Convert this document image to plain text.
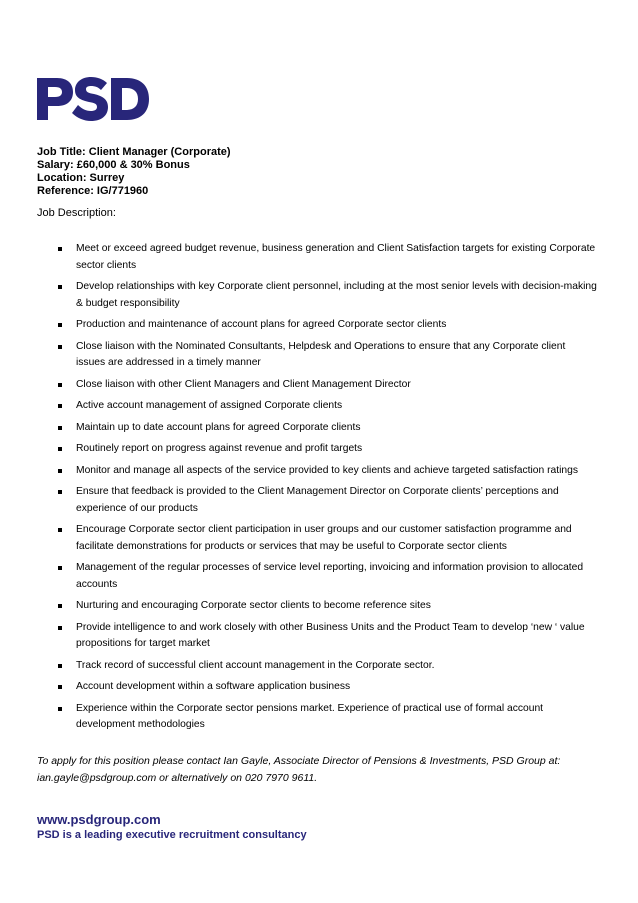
Job Title: Client Manager (Corporate)
Salary: £60,000 & 30% Bonus
Location: Surrey
Reference: IG/771960
Job Description:
Meet or exceed agreed budget revenue, business generation and Client Satisfaction targets for existing Corporate sector clients
Develop relationships with key Corporate client personnel, including at the most senior levels with decision-making & budget responsibility
Production and maintenance of account plans for agreed Corporate sector clients
Close liaison with the Nominated Consultants, Helpdesk and Operations to ensure that any Corporate client issues are addressed in a timely manner
Close liaison with other Client Managers and Client Management Director
Active account management of assigned Corporate clients
Maintain up to date account plans for agreed Corporate clients
Routinely report on progress against revenue and profit targets
Monitor and manage all aspects of the service provided to key clients and achieve targeted satisfaction ratings
Ensure that feedback is provided to the Client Management Director on Corporate clients’ perceptions and experience of our products
Encourage Corporate sector client participation in user groups and our customer satisfaction programme and facilitate demonstrations for products or services that may be useful to Corporate sector clients
Management of the regular processes of service level reporting, invoicing and information provision to allocated accounts
Nurturing and encouraging Corporate sector clients to become reference sites
Provide intelligence to and work closely with other Business Units and the Product Team to develop ‘new ‘ value propositions for target market
Track record of successful client account management in the Corporate sector.
Account development within a software application business
Experience within the Corporate sector pensions market. Experience of practical use of formal account development methodologies
To apply for this position please contact Ian Gayle, Associate Director of Pensions & Investments, PSD Group at: ian.gayle@psdgroup.com or alternatively on 020 7970 9611.
www.psdgroup.com
PSD is a leading executive recruitment consultancy
